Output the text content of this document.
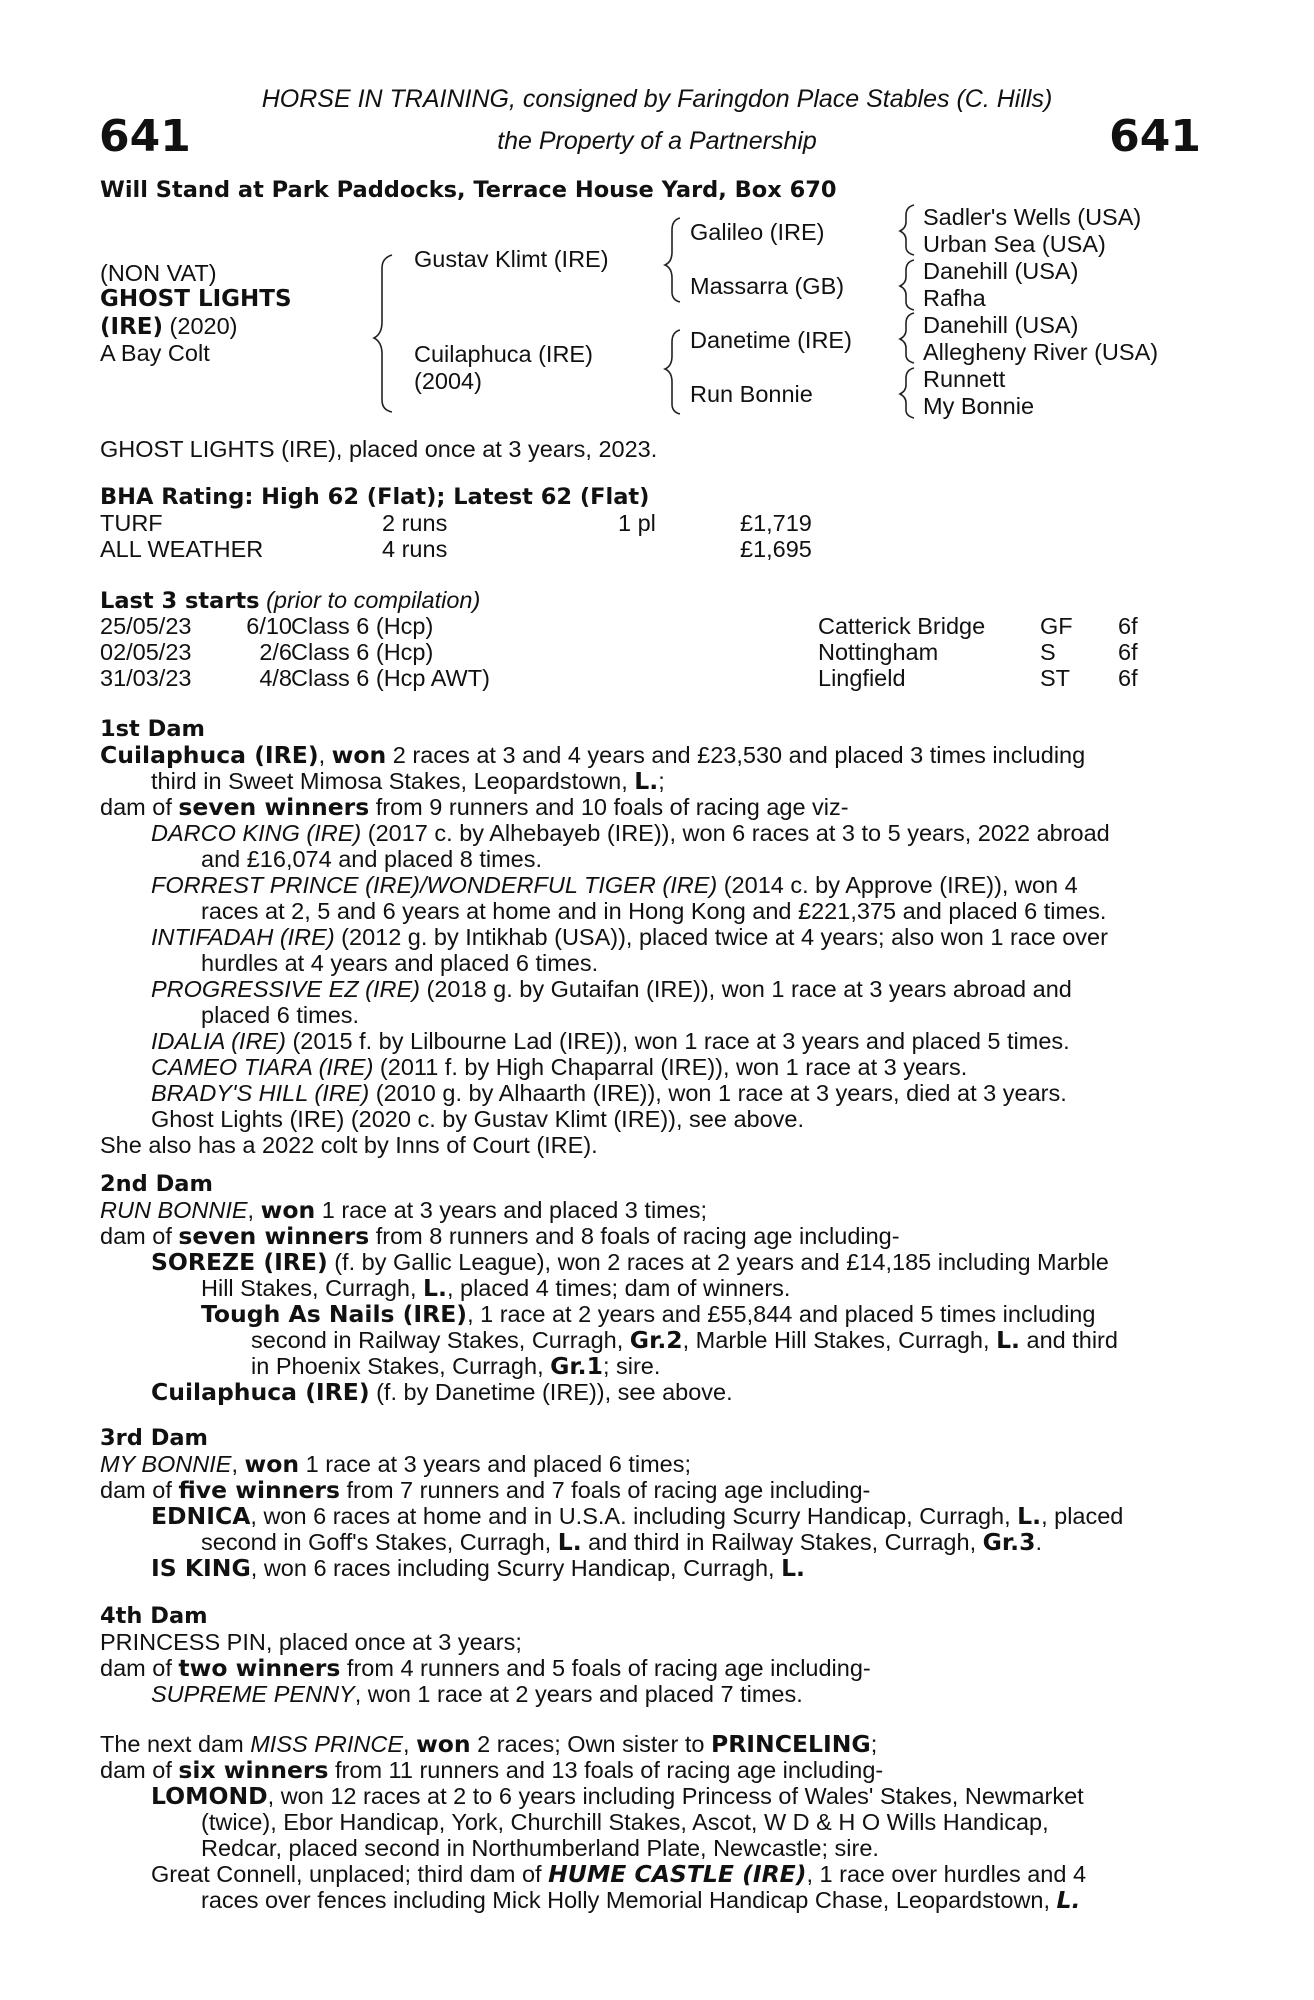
HORSE IN TRAINING, consigned by Faringdon Place Stables (C. Hills)
the Property of a Partnership
641	641
Will Stand at Park Paddocks, Terrace House Yard, Box 670
(NON VAT)
GHOST LIGHTS
(IRE) (2020)
A Bay Colt
Gustav Klimt (IRE)
Cuilaphuca (IRE)
(2004)
Galileo (IRE)
Massarra (GB)
Danetime (IRE)
Run Bonnie
Sadler's Wells (USA)
Urban Sea (USA)
Danehill (USA)
Rafha
Danehill (USA)
Allegheny River (USA)
Runnett
My Bonnie
GHOST LIGHTS (IRE), placed once at 3 years, 2023.
BHA Rating: High 62 (Flat); Latest 62 (Flat)
TURF	2 runs	1 pl	£1,719
ALL WEATHER	4 runs	£1,695
Last 3 starts (prior to compilation)
25/05/23	6/10 Class 6 (Hcp)	Catterick Bridge GF 6f
02/05/23	2/6 Class 6 (Hcp)	Nottingham	S	6f
31/03/23	4/8 Class 6 (Hcp AWT)	Lingfield	ST 6f
1st Dam
Cuilaphuca (IRE), won 2 races at 3 and 4 years and £23,530 and placed 3 times including
third in Sweet Mimosa Stakes, Leopardstown, L.;
dam of seven winners from 9 runners and 10 foals of racing age viz-
DARCO KING (IRE) (2017 c. by Alhebayeb (IRE)), won 6 races at 3 to 5 years, 2022 abroad
and £16,074 and placed 8 times.
FORREST PRINCE (IRE)/WONDERFUL TIGER (IRE) (2014 c. by Approve (IRE)), won 4
races at 2, 5 and 6 years at home and in Hong Kong and £221,375 and placed 6 times.
INTIFADAH (IRE) (2012 g. by Intikhab (USA)), placed twice at 4 years; also won 1 race over
hurdles at 4 years and placed 6 times.
PROGRESSIVE EZ (IRE) (2018 g. by Gutaifan (IRE)), won 1 race at 3 years abroad and
placed 6 times.
IDALIA (IRE) (2015 f. by Lilbourne Lad (IRE)), won 1 race at 3 years and placed 5 times.
CAMEO TIARA (IRE) (2011 f. by High Chaparral (IRE)), won 1 race at 3 years.
BRADY'S HILL (IRE) (2010 g. by Alhaarth (IRE)), won 1 race at 3 years, died at 3 years.
Ghost Lights (IRE) (2020 c. by Gustav Klimt (IRE)), see above.
She also has a 2022 colt by Inns of Court (IRE).
2nd Dam
RUN BONNIE, won 1 race at 3 years and placed 3 times;
dam of seven winners from 8 runners and 8 foals of racing age including-
SOREZE (IRE) (f. by Gallic League), won 2 races at 2 years and £14,185 including Marble
Hill Stakes, Curragh, L., placed 4 times; dam of winners.
Tough As Nails (IRE), 1 race at 2 years and £55,844 and placed 5 times including
second in Railway Stakes, Curragh, Gr.2, Marble Hill Stakes, Curragh, L. and third
in Phoenix Stakes, Curragh, Gr.1; sire.
Cuilaphuca (IRE) (f. by Danetime (IRE)), see above.
3rd Dam
MY BONNIE, won 1 race at 3 years and placed 6 times;
dam of five winners from 7 runners and 7 foals of racing age including-
EDNICA, won 6 races at home and in U.S.A. including Scurry Handicap, Curragh, L., placed
second in Goff's Stakes, Curragh, L. and third in Railway Stakes, Curragh, Gr.3.
IS KING, won 6 races including Scurry Handicap, Curragh, L.
4th Dam
PRINCESS PIN, placed once at 3 years;
dam of two winners from 4 runners and 5 foals of racing age including-
SUPREME PENNY, won 1 race at 2 years and placed 7 times.
The next dam MISS PRINCE, won 2 races; Own sister to PRINCELING;
dam of six winners from 11 runners and 13 foals of racing age including-
LOMOND, won 12 races at 2 to 6 years including Princess of Wales' Stakes, Newmarket
(twice), Ebor Handicap, York, Churchill Stakes, Ascot, W D & H O Wills Handicap,
Redcar, placed second in Northumberland Plate, Newcastle; sire.
Great Connell, unplaced; third dam of HUME CASTLE (IRE), 1 race over hurdles and 4
races over fences including Mick Holly Memorial Handicap Chase, Leopardstown, L.
